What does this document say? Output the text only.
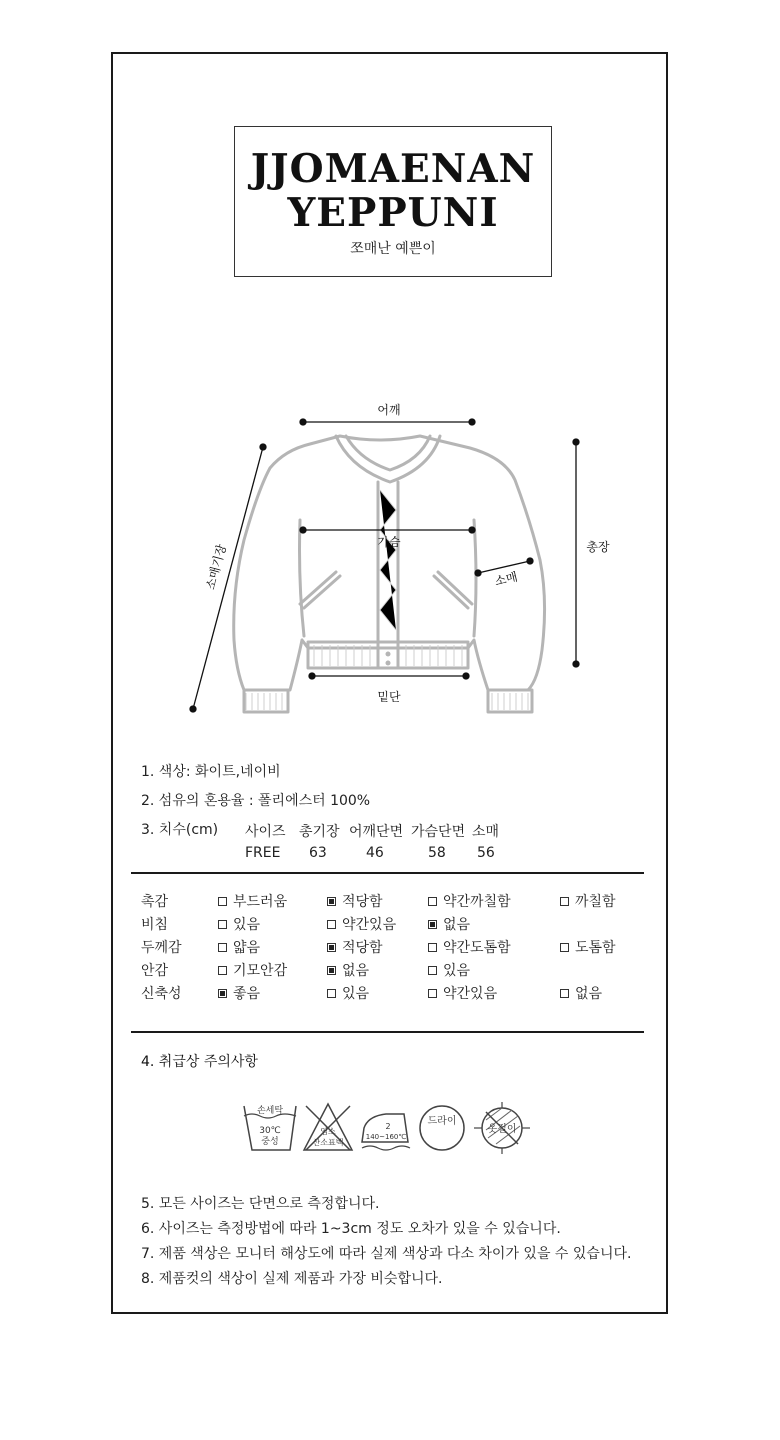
JJOMAENAN
YEPPUNI
쪼매난 예쁜이
어깨
가슴
소매기장	소매
총장
밑단
1. 색상: 화이트,네이비
2. 섬유의 혼용율 : 폴리에스터 100%
3. 치수(cm) 사이즈 총기장 어깨단면 가슴단면 소매
FREE 63	46	58 56
촉감	부드러움	적당함	약간까칠함	까칠함
비침	있음	약간있음	없음
두께감	얇음	적당함	약간도톰함	도톰함
안감	기모안감	없음	있음
신축성	좋음	있음	약간있음	없음
4. 취급상 주의사항
손세탁
30℃
중성
염소
산소표백
2
140~160℃
드라이
옷걸이
5. 모든 사이즈는 단면으로 측정합니다.
6. 사이즈는 측정방법에 따라 1~3cm 정도 오차가 있을 수 있습니다.
7. 제품 색상은 모니터 해상도에 따라 실제 색상과 다소 차이가 있을 수 있습니다.
8. 제품컷의 색상이 실제 제품과 가장 비슷합니다.
